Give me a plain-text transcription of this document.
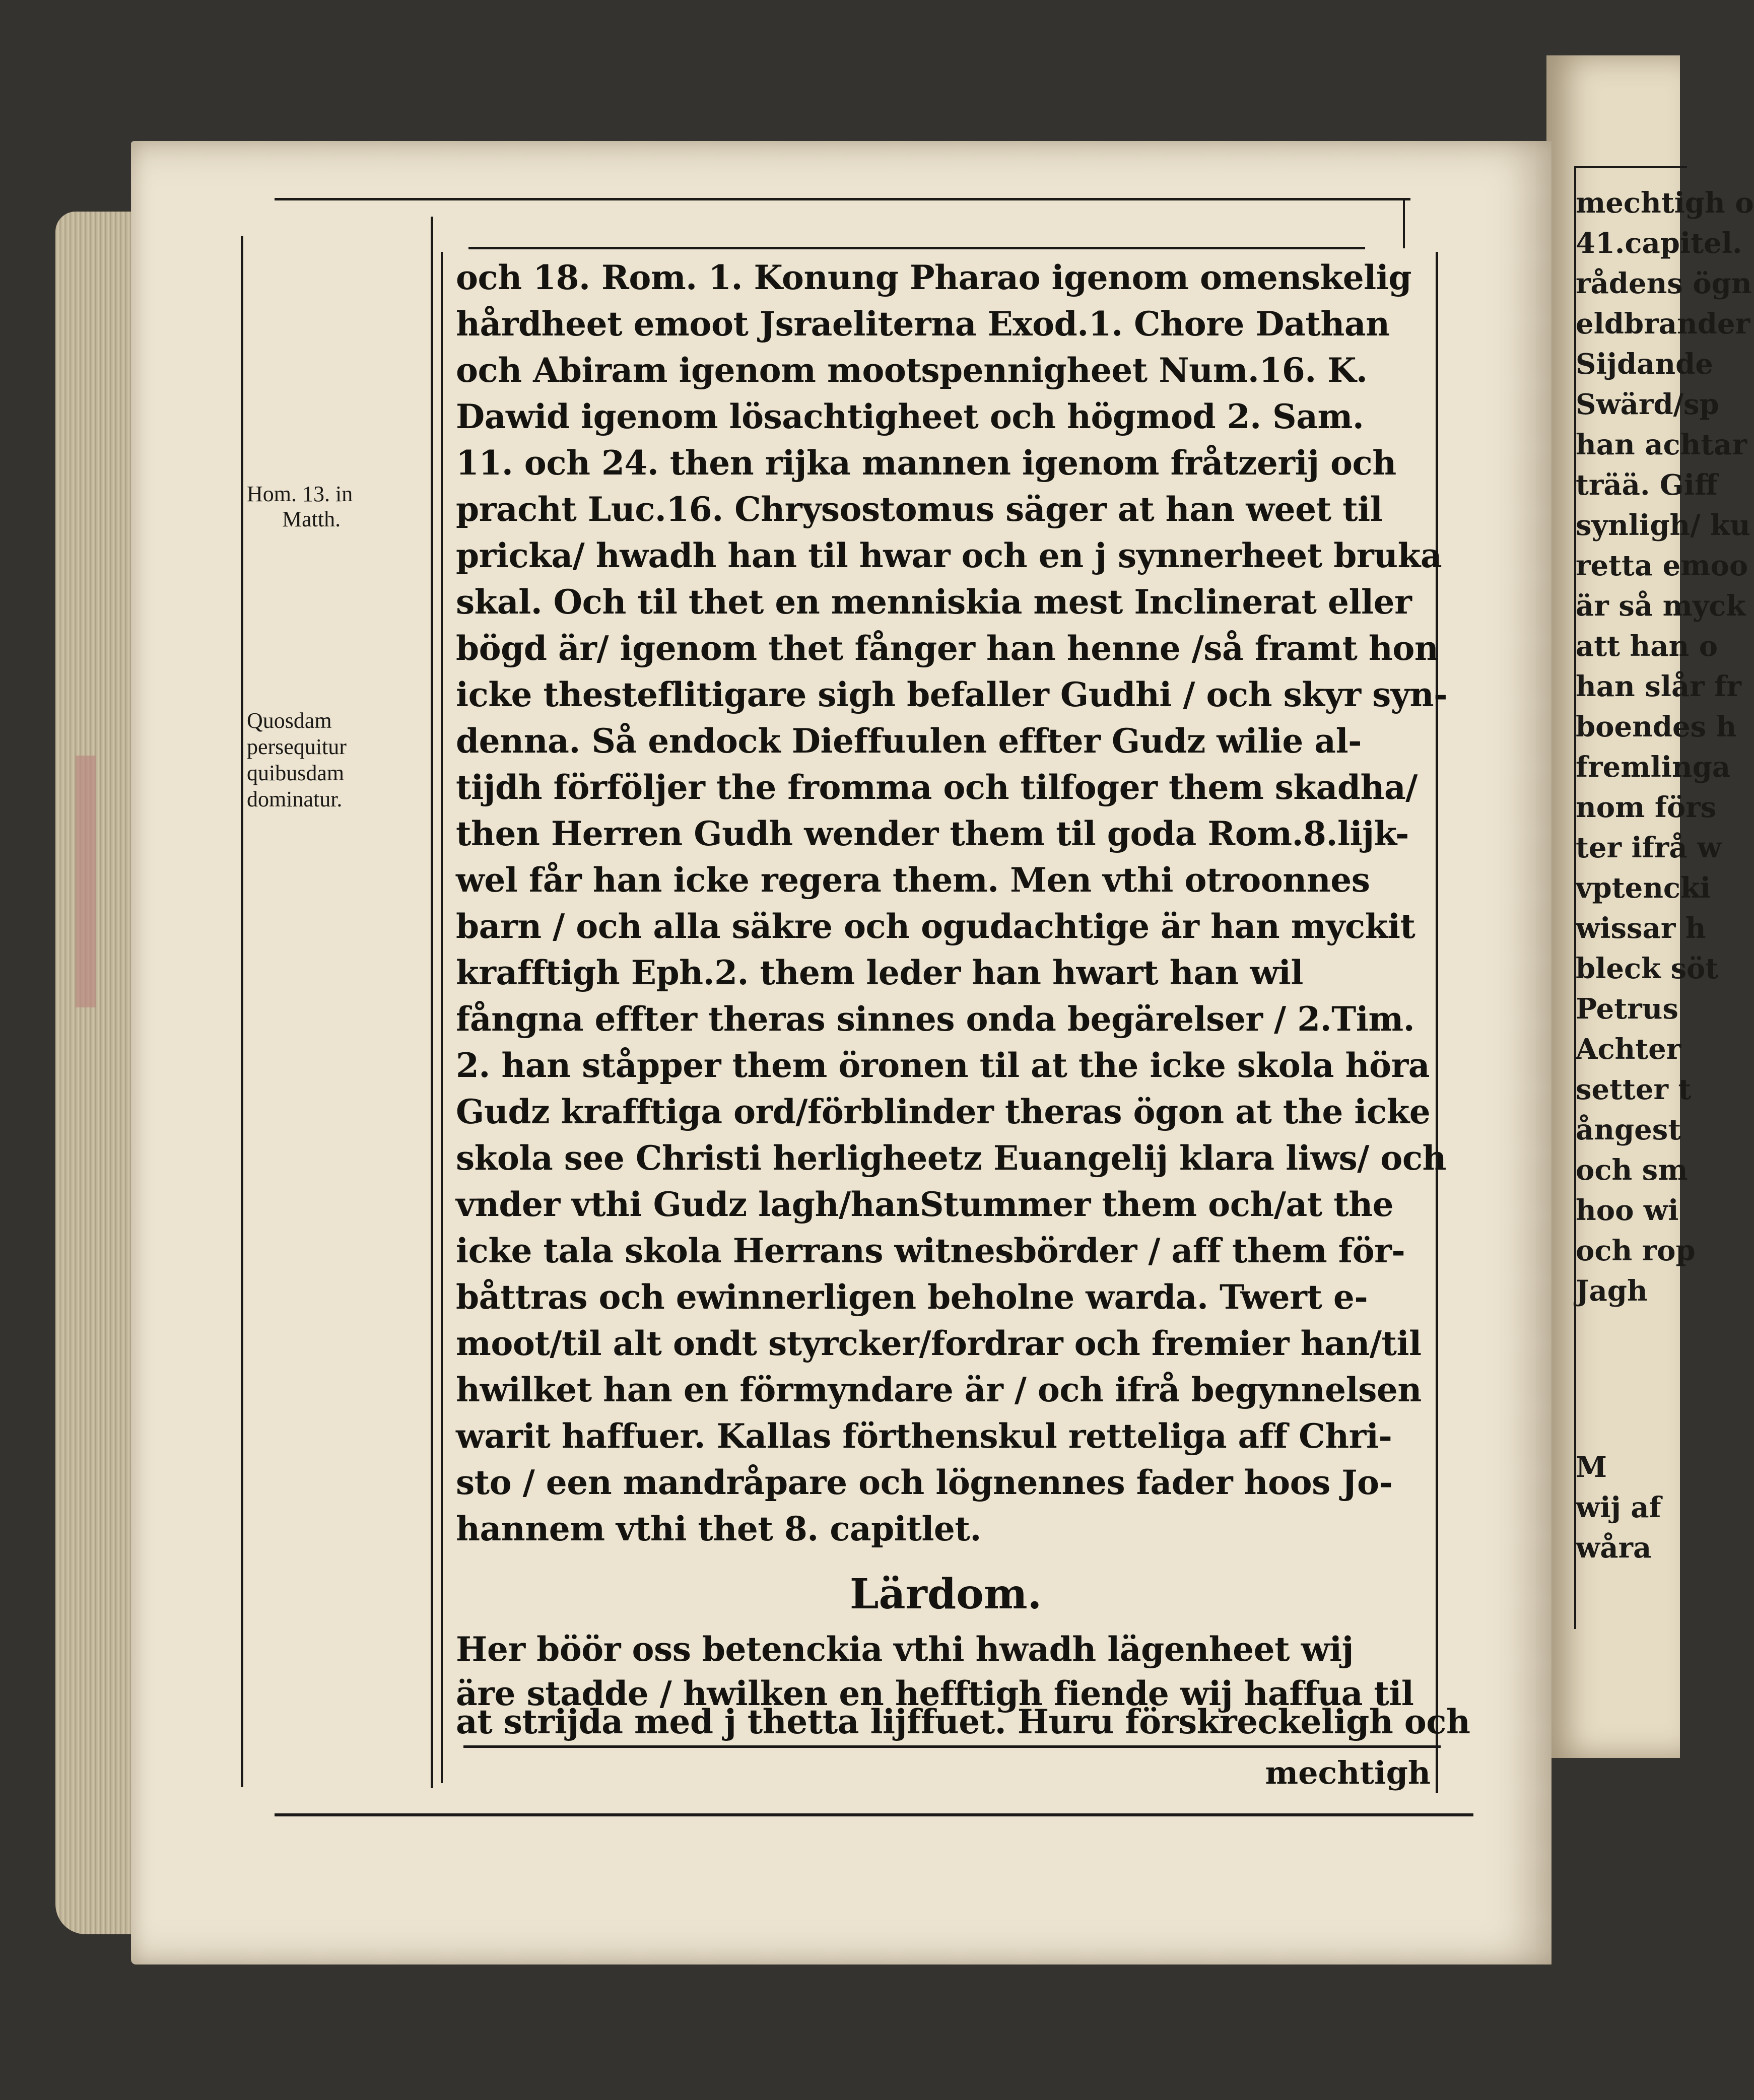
Hom. 13. in
Matth.
Quosdam
persequitur
quibusdam
dominatur.
och 18. Rom. 1. Konung Pharao igenom omenskelig
hårdheet emoot Jsraeliterna Exod.1. Chore Dathan
och Abiram igenom mootspennigheet Num.16. K.
Dawid igenom lösachtigheet och högmod 2. Sam.
11. och 24. then rijka mannen igenom fråtzerij och
pracht Luc.16. Chrysostomus säger at han weet til
pricka/ hwadh han til hwar och en j synnerheet bruka
skal. Och til thet en menniskia mest Inclinerat eller
bögd är/ igenom thet fånger han henne /så framt hon
icke thesteflitigare sigh befaller Gudhi / och skyr syn-
denna. Så endock Dieffuulen effter Gudz wilie al-
tijdh förföljer the fromma och tilfoger them skadha/
then Herren Gudh wender them til goda Rom.8.lijk-
wel får han icke regera them. Men vthi otroonnes
barn / och alla säkre och ogudachtige är han myckit
krafftigh Eph.2. them leder han hwart han wil
fångna effter theras sinnes onda begärelser / 2.Tim.
2. han ståpper them öronen til at the icke skola höra
Gudz krafftiga ord/förblinder theras ögon at the icke
skola see Christi herligheetz Euangelij klara liws/ och
vnder vthi Gudz lagh/hanStummer them och/at the
icke tala skola Herrans witnesbörder / aff them för-
båttras och ewinnerligen beholne warda. Twert e-
moot/til alt ondt styrcker/fordrar och fremier han/til
hwilket han en förmyndare är / och ifrå begynnelsen
warit haffuer. Kallas förthenskul retteliga aff Chri-
sto / een mandråpare och lögnennes fader hoos Jo-
hannem vthi thet 8. capitlet.
Lärdom.
Her böör oss betenckia vthi hwadh lägenheet wij
äre stadde / hwilken en hefftigh fiende wij haffua til
at strijda med j thetta lijffuet. Huru förskreckeligh och
mechtigh
mechtigh o
41.capitel.
rådens ögn
eldbrander
Sijdande
Swärd/sp
han achtar
trää. Giff
synligh/ ku
retta emoo
är så myck
att han o
han slår fr
boendes h
fremlinga
nom förs
ter ifrå w
vptencki
wissar h
bleck söt
Petrus
Achter
setter t
ångest
och sm
hoo wi
och rop
Jagh
M
wij af
wåra
